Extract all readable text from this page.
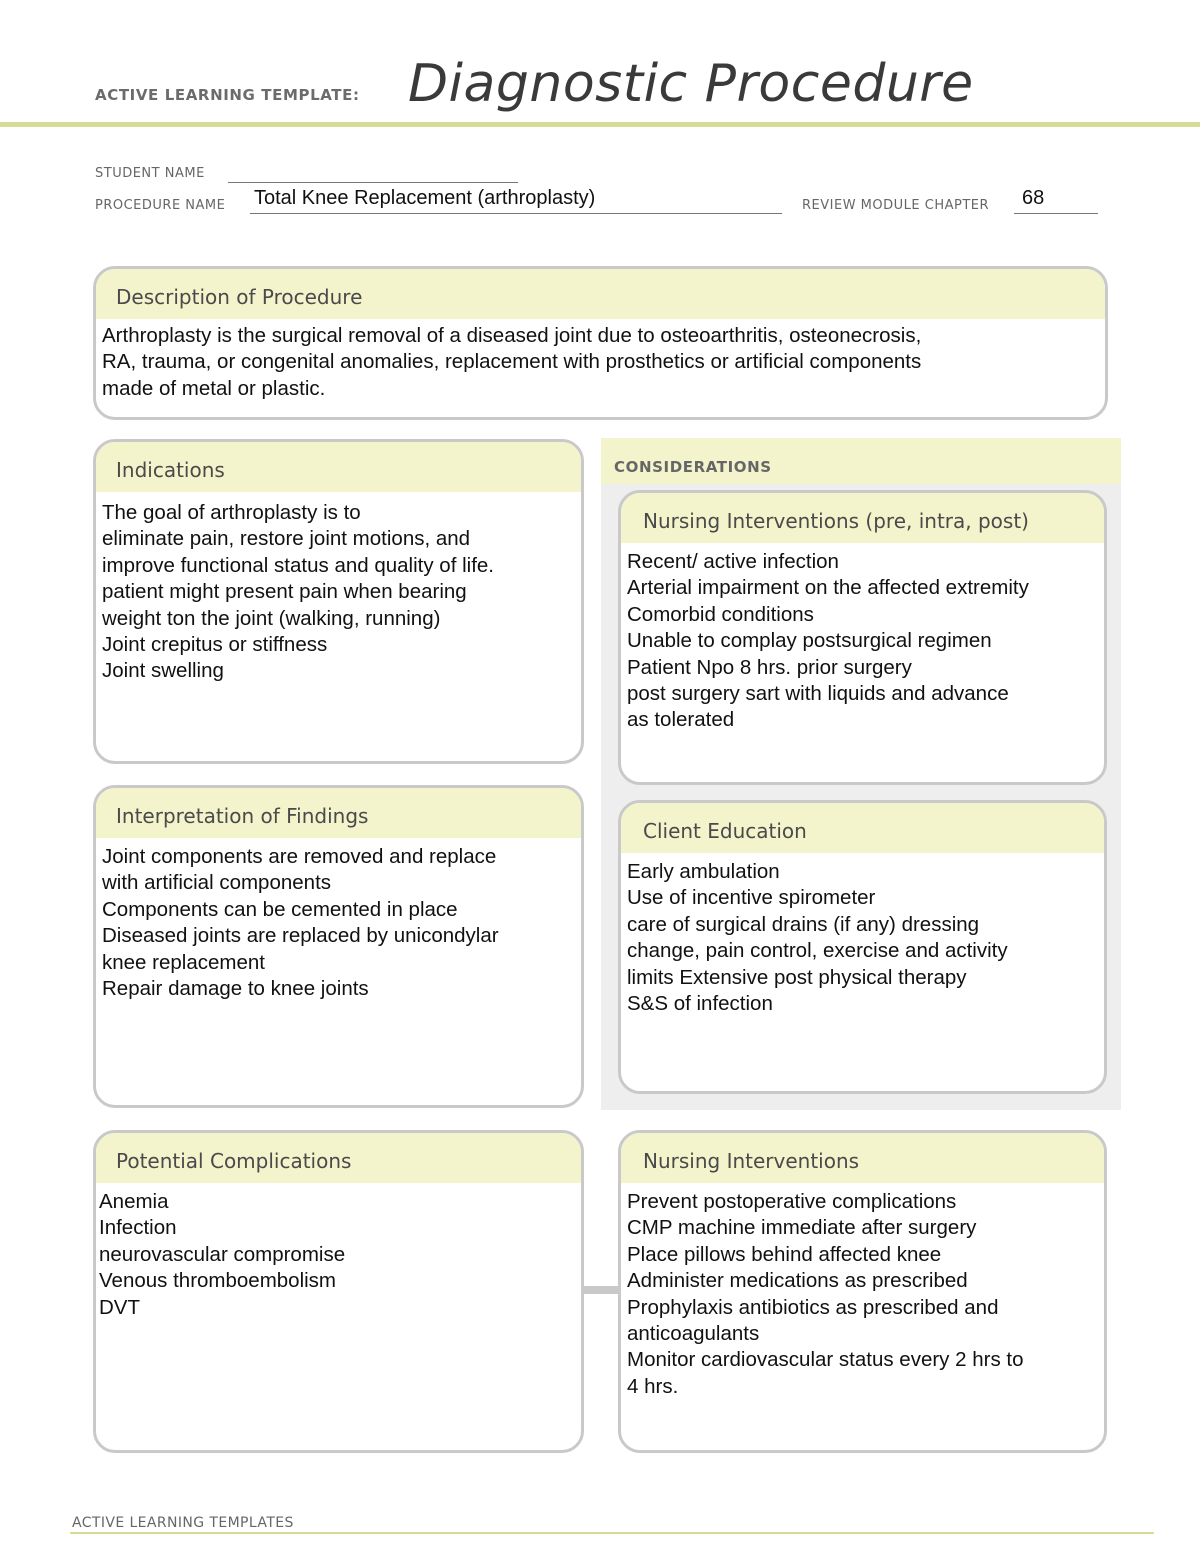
ACTIVE LEARNING TEMPLATE: Diagnostic Procedure
STUDENT NAME
PROCEDURE NAME Total Knee Replacement (arthroplasty)	REVIEW MODULE CHAPTER 68
Description of Procedure
Arthroplasty is the surgical removal of a diseased joint due to osteoarthritis, osteonecrosis,
RA, trauma, or congenital anomalies, replacement with prosthetics or artificial components
made of metal or plastic.
CONSIDERATIONS
Indications
The goal of arthroplasty is to
eliminate pain, restore joint motions, and
improve functional status and quality of life.
patient might present pain when bearing
weight ton the joint (walking, running)
Joint crepitus or stiffness
Joint swelling
Nursing Interventions (pre, intra, post)
Recent/ active infection
Arterial impairment on the affected extremity
Comorbid conditions
Unable to complay postsurgical regimen
Patient Npo 8 hrs. prior surgery
post surgery sart with liquids and advance
as tolerated
Interpretation of Findings
Joint components are removed and replace
with artificial components
Components can be cemented in place
Diseased joints are replaced by unicondylar
knee replacement
Repair damage to knee joints
Client Education
Early ambulation
Use of incentive spirometer
care of surgical drains (if any) dressing
change, pain control, exercise and activity
limits Extensive post physical therapy
S&S of infection
Potential Complications
Anemia
Infection
neurovascular compromise
Venous thromboembolism
DVT
Nursing Interventions
Prevent postoperative complications
CMP machine immediate after surgery
Place pillows behind affected knee
Administer medications as prescribed
Prophylaxis antibiotics as prescribed and
anticoagulants
Monitor cardiovascular status every 2 hrs to
4 hrs.
ACTIVE LEARNING TEMPLATES
